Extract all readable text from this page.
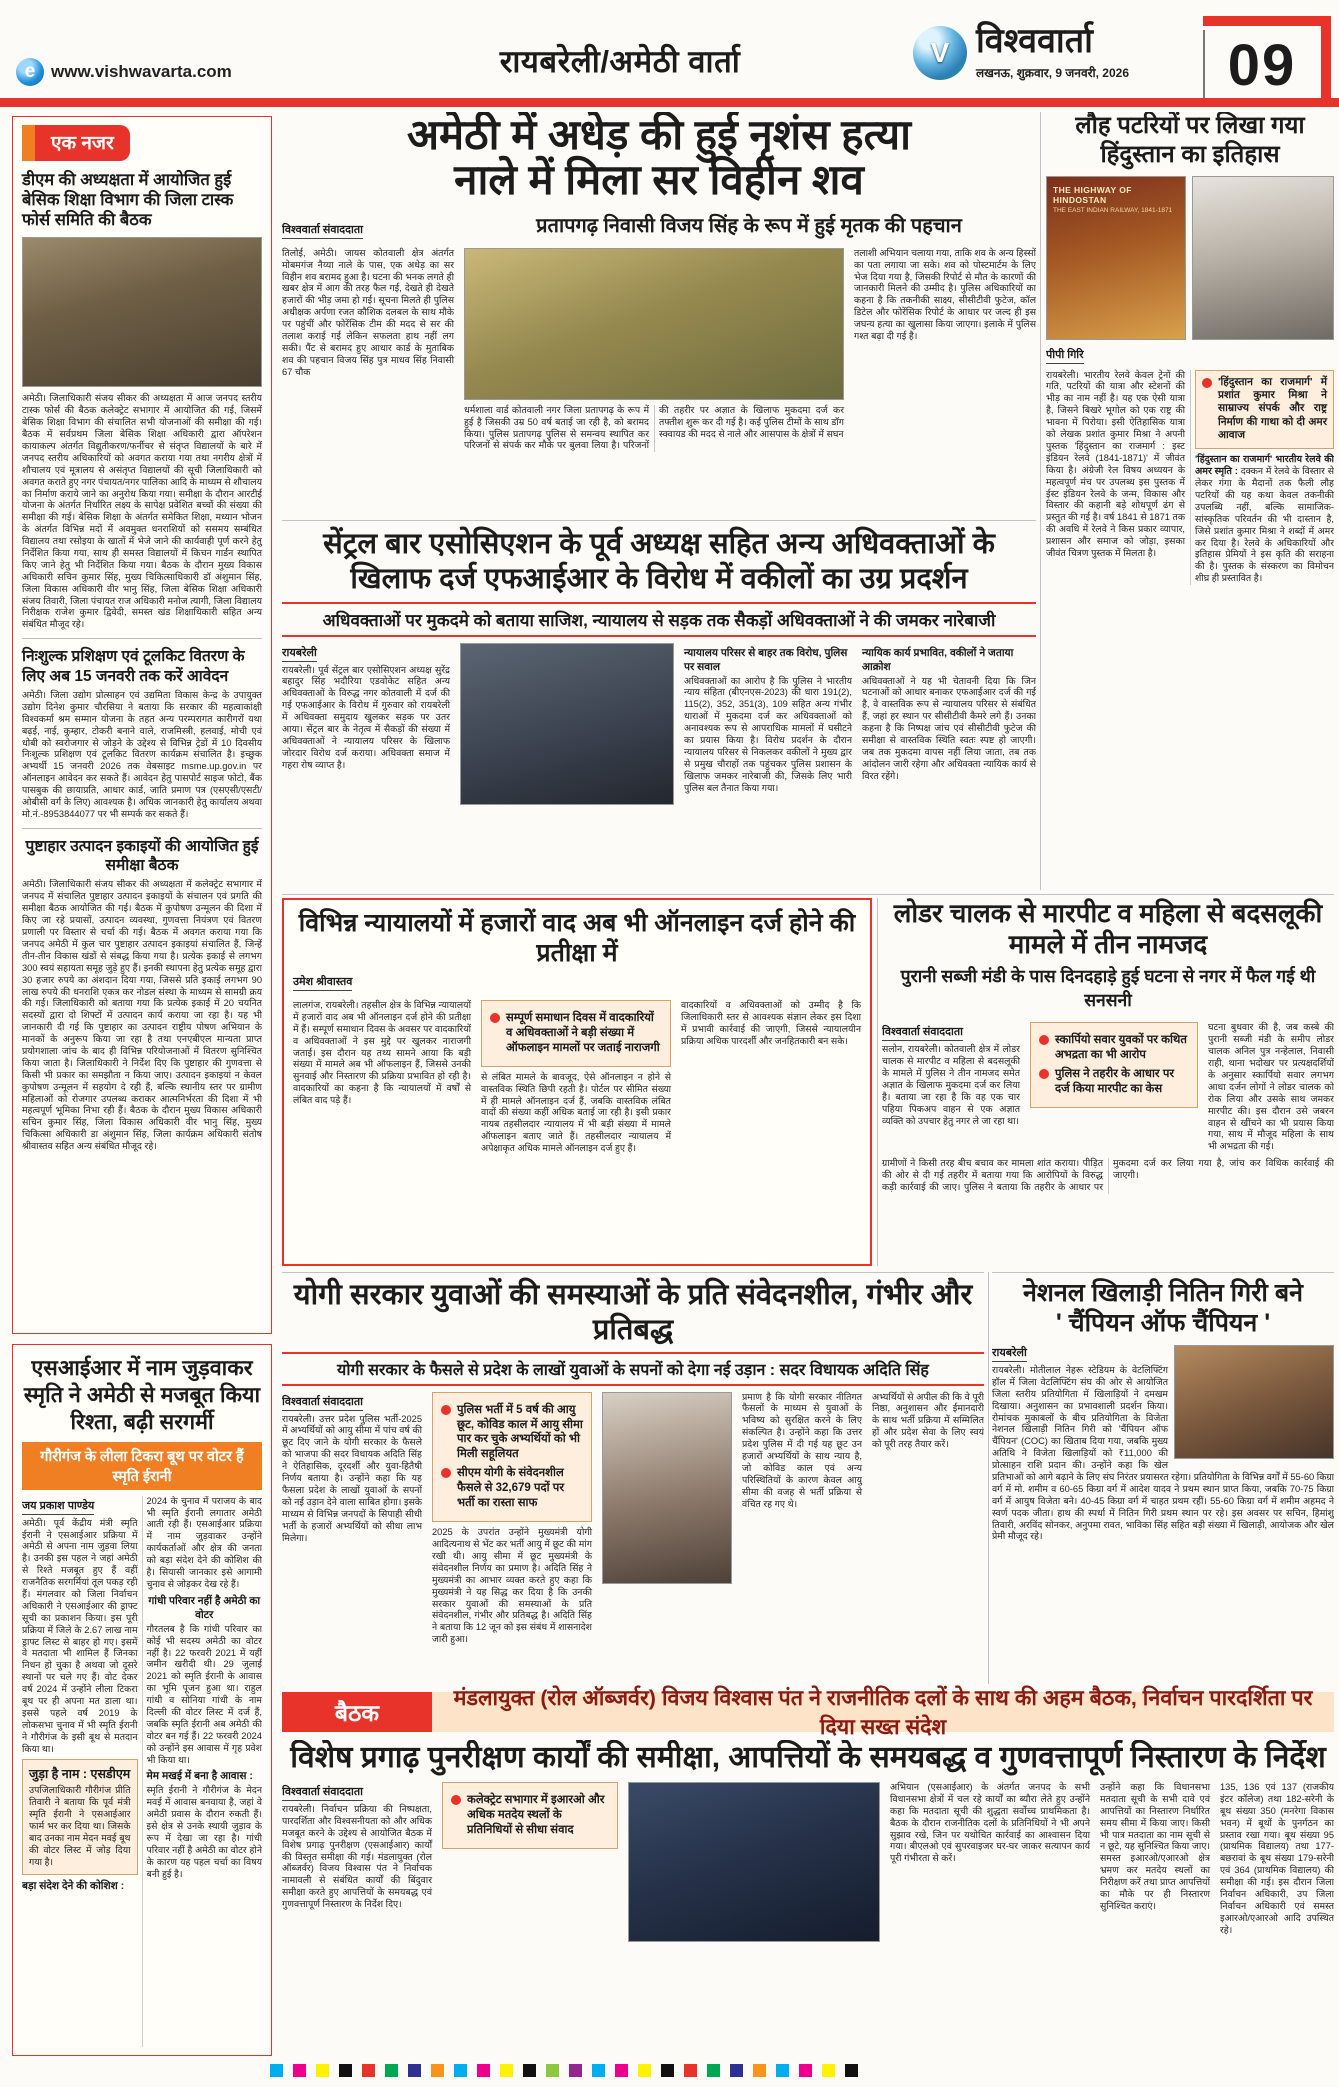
e www.vishwavarta.com	रायबरेली/अमेठी वार्ता	V विश्ववार्ता
लखनऊ, शुक्रवार, 9 जनवरी, 2026 09
एक नजर
डीएम की अध्यक्षता में आयोजित हुई बेसिक शिक्षा विभाग की जिला टास्क फोर्स समिति की बैठक
अमेठी। जिलाधिकारी संजय सीकर की अध्यक्षता में आज जनपद स्तरीय टास्क फोर्स की बैठक कलेक्ट्रेट सभागार में आयोजित की गई, जिसमें बेसिक शिक्षा विभाग की संचालित सभी योजनाओं की समीक्षा की गई। बैठक में सर्वप्रथम जिला बेसिक शिक्षा अधिकारी द्वारा ऑपरेशन कायाकल्प अंतर्गत विद्युतीकरण/फर्नीचर से संतृप्त विद्यालयों के बारे में जनपद स्तरीय अधिकारियों को अवगत कराया गया तथा नगरीय क्षेत्रों में शौचालय एवं मूत्रालय से असंतृप्त विद्यालयों की सूची जिलाधिकारी को अवगत कराते हुए नगर पंचायत/नगर पालिका आदि के माध्यम से शौचालय का निर्माण कराये जाने का अनुरोध किया गया। समीक्षा के दौरान आरटीई योजना के अंतर्गत निर्धारित लक्ष्य के सापेक्ष प्रवेशित बच्चों की संख्या की समीक्षा की गई। बेसिक शिक्षा के अंतर्गत समेकित शिक्षा, मध्यान भोजन के अंतर्गत विभिन्न मदों में अवमुक्त धनराशियों को ससमय सम्बंधित विद्यालय तथा रसोइया के खातों में भेजे जाने की कार्यवाही पूर्ण करने हेतु निर्देशित किया गया, साथ ही समस्त विद्यालयों में किचन गार्डन स्थापित किए जाने हेतु भी निर्देशित किया गया। बैठक के दौरान मुख्य विकास अधिकारी सचिन कुमार सिंह, मुख्य चिकित्साधिकारी डॉ अंशुमान सिंह, जिला विकास अधिकारी वीर भानु सिंह, जिला बेसिक शिक्षा अधिकारी संजय तिवारी, जिला पंचायत राज अधिकारी मनोज त्यागी, जिला विद्यालय निरीक्षक राजेश कुमार द्विवेदी, समस्त खंड शिक्षाधिकारी सहित अन्य संबंधित मौजूद रहे।
निःशुल्क प्रशिक्षण एवं टूलकिट वितरण के लिए अब 15 जनवरी तक करें आवेदन
अमेठी। जिला उद्योग प्रोत्साहन एवं उद्यमिता विकास केन्द्र के उपायुक्त उद्योग दिनेश कुमार चौरसिया ने बताया कि सरकार की महत्वाकांक्षी विश्वकर्मा श्रम सम्मान योजना के तहत अन्य परम्परागत कारीगरों यथा बढ़ई, नाई, कुम्हार, टोकरी बनाने वाले, राजमिस्त्री, हलवाई, मोची एवं धोबी को स्वरोजगार से जोड़ने के उद्देश्य से विभिन्न ट्रेडों में 10 दिवसीय निःशुल्क प्रशिक्षण एवं टूलकिट वितरण कार्यक्रम संचालित है। इच्छुक अभ्यर्थी 15 जनवरी 2026 तक वेबसाइट msme.up.gov.in पर ऑनलाइन आवेदन कर सकते हैं। आवेदन हेतु पासपोर्ट साइज फोटो, बैंक पासबुक की छायाप्रति, आधार कार्ड, जाति प्रमाण पत्र (एसएसी/एसटी/ओबीसी वर्ग के लिए) आवश्यक है। अधिक जानकारी हेतु कार्यालय अथवा मो.नं.-8953844077 पर भी सम्पर्क कर सकते हैं।
पुष्टाहार उत्पादन इकाइयों की आयोजित हुई समीक्षा बैठक
अमेठी। जिलाधिकारी संजय सीकर की अध्यक्षता में कलेक्ट्रेट सभागार में जनपद में संचालित पुष्टाहार उत्पादन इकाइयों के संचालन एवं प्रगति की समीक्षा बैठक आयोजित की गई। बैठक में कुपोषण उन्मूलन की दिशा में किए जा रहे प्रयासों, उत्पादन व्यवस्था, गुणवत्ता नियंत्रण एवं वितरण प्रणाली पर विस्तार से चर्चा की गई। बैठक में अवगत कराया गया कि जनपद अमेठी में कुल चार पुष्टाहार उत्पादन इकाइयां संचालित हैं, जिन्हें तीन-तीन विकास खंडों से संबद्ध किया गया है। प्रत्येक इकाई से लगभग 300 स्वयं सहायता समूह जुड़े हुए हैं। इनकी स्थापना हेतु प्रत्येक समूह द्वारा 30 हजार रुपये का अंशदान दिया गया, जिससे प्रति इकाई लगभग 90 लाख रुपये की धनराशि एकत्र कर नोडल संस्था के माध्यम से सामग्री क्रय की गई। जिलाधिकारी को बताया गया कि प्रत्येक इकाई में 20 चयनित सदस्यों द्वारा दो शिफ्टों में उत्पादन कार्य कराया जा रहा है। यह भी जानकारी दी गई कि पुष्टाहार का उत्पादन राष्ट्रीय पोषण अभियान के मानकों के अनुरूप किया जा रहा है तथा एनएबीएल मान्यता प्राप्त प्रयोगशाला जांच के बाद ही विभिन्न परियोजनाओं में वितरण सुनिश्चित किया जाता है। जिलाधिकारी ने निर्देश दिए कि पुष्टाहार की गुणवत्ता से किसी भी प्रकार का समझौता न किया जाए। उत्पादन इकाइयां न केवल कुपोषण उन्मूलन में सहयोग दे रही हैं, बल्कि स्थानीय स्तर पर ग्रामीण महिलाओं को रोजगार उपलब्ध कराकर आत्मनिर्भरता की दिशा में भी महत्वपूर्ण भूमिका निभा रही हैं। बैठक के दौरान मुख्य विकास अधिकारी सचिन कुमार सिंह, जिला विकास अधिकारी वीर भानु सिंह, मुख्य चिकित्सा अधिकारी डा अंशुमान सिंह, जिला कार्यक्रम अधिकारी संतोष श्रीवास्तव सहित अन्य संबंधित मौजूद रहे।
एसआईआर में नाम जुड़वाकर स्मृति ने अमेठी से मजबूत किया रिश्ता, बढ़ी सरगर्मी
गौरीगंज के लीला टिकरा बूथ पर वोटर हैं स्मृति ईरानी
जय प्रकाश पाण्डेय
अमेठी। पूर्व केंद्रीय मंत्री स्मृति ईरानी ने एसआईआर प्रक्रिया में अमेठी से अपना नाम जुड़वा लिया है। उनकी इस पहल ने जहां अमेठी से रिश्ते मजबूत हुए हैं वहीं राजनैतिक सरगर्मियां तूल पकड़ रही हैं। मंगलवार को जिला निर्वाचन अधिकारी ने एसआईआर की ड्राफ्ट सूची का प्रकाशन किया। इस पूरी प्रक्रिया में जिले के 2.67 लाख नाम ड्राफ्ट लिस्ट से बाहर हो गए। इसमें वे मतदाता भी शामिल हैं जिनका निधन हो चुका है अथवा जो दूसरे स्थानों पर चले गए हैं। वोट देकर वर्ष 2024 में उन्होंने लीला टिकरा बूथ पर ही अपना मत डाला था। इससे पहले वर्ष 2019 के लोकसभा चुनाव में भी स्मृति ईरानी ने गौरीगंज के इसी बूथ से मतदान किया था।
जुड़ा है नाम : एसडीएम
उपजिलाधिकारी गौरीगंज प्रीति तिवारी ने बताया कि पूर्व मंत्री स्मृति ईरानी ने एसआईआर फार्म भर कर दिया था। जिसके बाद उनका नाम मेदन मवई बूथ की वोटर लिस्ट में जोड़ दिया गया है।
बड़ा संदेश देने की कोशिश :
2024 के चुनाव में पराजय के बाद भी स्मृति ईरानी लगातार अमेठी आती रही हैं। एसआईआर प्रक्रिया में नाम जुड़वाकर उन्होंने कार्यकर्ताओं और क्षेत्र की जनता को बड़ा संदेश देने की कोशिश की है। सियासी जानकार इसे आगामी चुनाव से जोड़कर देख रहे हैं।
गांधी परिवार नहीं है अमेठी का वोटर
गौरतलब है कि गांधी परिवार का कोई भी सदस्य अमेठी का वोटर नहीं है। 22 फरवरी 2021 में यहीं जमीन खरीदी थी। 29 जुलाई 2021 को स्मृति ईरानी के आवास का भूमि पूजन हुआ था। राहुल गांधी व सोनिया गांधी के नाम दिल्ली की वोटर लिस्ट में दर्ज हैं, जबकि स्मृति ईरानी अब अमेठी की वोटर बन गई हैं। 22 फरवरी 2024 को उन्होंने इस आवास में गृह प्रवेश भी किया था।
मेम मखई में बना है आवास :
स्मृति ईरानी ने गौरीगंज के मेदन मवई में आवास बनवाया है, जहां वे अमेठी प्रवास के दौरान रुकती हैं। इसे क्षेत्र से उनके स्थायी जुड़ाव के रूप में देखा जा रहा है। गांधी परिवार नहीं है अमेठी का वोटर होने के कारण यह पहल चर्चा का विषय बनी हुई है।
अमेठी में अधेड़ की हुई नृशंस हत्या
नाले में मिला सर विहीन शव
विश्ववार्ता संवाददाता	प्रतापगढ़ निवासी विजय सिंह के रूप में हुई मृतक की पहचान
तिलोई, अमेठी। जायस कोतवाली क्षेत्र अंतर्गत मोबमगंज नैय्या नाले के पास, एक अधेड़ का सर विहीन शव बरामद हुआ है। घटना की भनक लगते ही खबर क्षेत्र में आग की तरह फैल गई, देखते ही देखते हजारों की भीड़ जमा हो गई। सूचना मिलते ही पुलिस अधीक्षक अर्पणा रजत कौशिक दलबल के साथ मौके पर पहुंचीं और फोरेंसिक टीम की मदद से सर की तलाश कराई गई लेकिन सफलता हाथ नहीं लग सकी। पैंट से बरामद हुए आधार कार्ड के मुताबिक शव की पहचान विजय सिंह पुत्र माधव सिंह निवासी 67 चौक
धर्मशाला वार्ड कोतवाली नगर जिला प्रतापगढ़ के रूप में हुई है जिसकी उम्र 50 वर्ष बताई जा रही है, को बरामद किया। पुलिस प्रतापगढ़ पुलिस से समन्वय स्थापित कर परिजनों से संपर्क कर मौके पर बुलवा लिया है। परिजनों की तहरीर पर अज्ञात के खिलाफ मुकदमा दर्ज कर तफ्तीश शुरू कर दी गई है। कई पुलिस टीमों के साथ डॉग स्क्वायड की मदद से नाले और आसपास के क्षेत्रों में सघन
तलाशी अभियान चलाया गया, ताकि शव के अन्य हिस्सों का पता लगाया जा सके। शव को पोस्टमार्टम के लिए भेज दिया गया है, जिसकी रिपोर्ट से मौत के कारणों की जानकारी मिलने की उम्मीद है। पुलिस अधिकारियों का कहना है कि तकनीकी साक्ष्य, सीसीटीवी फुटेज, कॉल डिटेल और फोरेंसिक रिपोर्ट के आधार पर जल्द ही इस जघन्य हत्या का खुलासा किया जाएगा। इलाके में पुलिस गश्त बढ़ा दी गई है।
सेंट्रल बार एसोसिएशन के पूर्व अध्यक्ष सहित अन्य अधिवक्ताओं के खिलाफ दर्ज एफआईआर के विरोध में वकीलों का उग्र प्रदर्शन
अधिवक्ताओं पर मुकदमे को बताया साजिश, न्यायालय से सड़क तक सैकड़ों अधिवक्ताओं ने की जमकर नारेबाजी
रायबरेली
रायबरेली। पूर्व सेंट्रल बार एसोसिएशन अध्यक्ष सुरेंद्र बहादुर सिंह भदौरिया एडवोकेट सहित अन्य अधिवक्ताओं के विरुद्ध नगर कोतवाली में दर्ज की गई एफआईआर के विरोध में गुरुवार को रायबरेली में अधिवक्ता समुदाय खुलकर सड़क पर उतर आया। सेंट्रल बार के नेतृत्व में सैकड़ों की संख्या में अधिवक्ताओं ने न्यायालय परिसर के खिलाफ जोरदार विरोध दर्ज कराया। अधिवक्ता समाज में गहरा रोष व्याप्त है।
न्यायालय परिसर से बाहर तक विरोध, पुलिस पर सवाल
अधिवक्ताओं का आरोप है कि पुलिस ने भारतीय न्याय संहिता (बीएनएस-2023) की धारा 191(2), 115(2), 352, 351(3), 109 सहित अन्य गंभीर धाराओं में मुकदमा दर्ज कर अधिवक्ताओं को अनावश्यक रूप से आपराधिक मामलों में घसीटने का प्रयास किया है। विरोध प्रदर्शन के दौरान न्यायालय परिसर से निकलकर वकीलों ने मुख्य द्वार से प्रमुख चौराहों तक पहुंचकर पुलिस प्रशासन के खिलाफ जमकर नारेबाजी की, जिसके लिए भारी पुलिस बल तैनात किया गया।
न्यायिक कार्य प्रभावित, वकीलों ने जताया आक्रोश
अधिवक्ताओं ने यह भी चेतावनी दिया कि जिन घटनाओं को आधार बनाकर एफआईआर दर्ज की गई है, वे वास्तविक रूप से न्यायालय परिसर से संबंधित हैं, जहां हर स्थान पर सीसीटीवी कैमरे लगे हैं। उनका कहना है कि निष्पक्ष जांच एवं सीसीटीवी फुटेज की समीक्षा से वास्तविक स्थिति स्वतः स्पष्ट हो जाएगी। जब तक मुकदमा वापस नहीं लिया जाता, तब तक आंदोलन जारी रहेगा और अधिवक्ता न्यायिक कार्य से विरत रहेंगे।
विभिन्न न्यायालयों में हजारों वाद अब भी ऑनलाइन दर्ज होने की प्रतीक्षा में
उमेश श्रीवास्तव
लालगंज, रायबरेली। तहसील क्षेत्र के विभिन्न न्यायालयों में हजारों वाद अब भी ऑनलाइन दर्ज होने की प्रतीक्षा में हैं। सम्पूर्ण समाधान दिवस के अवसर पर वादकारियों व अधिवक्ताओं ने इस मुद्दे पर खुलकर नाराजगी जताई। इस दौरान यह तथ्य सामने आया कि बड़ी संख्या में मामले अब भी ऑफलाइन हैं, जिससे उनकी सुनवाई और निस्तारण की प्रक्रिया प्रभावित हो रही है। वादकारियों का कहना है कि न्यायालयों में वर्षों से लंबित वाद पड़े हैं।
सम्पूर्ण समाधान दिवस में वादकारियों व अधिवक्ताओं ने बड़ी संख्या में ऑफलाइन मामलों पर जताई नाराजगी
से लंबित मामले के बावजूद, ऐसे ऑनलाइन न होने से वास्तविक स्थिति छिपी रहती है। पोर्टल पर सीमित संख्या में ही मामले ऑनलाइन दर्ज हैं, जबकि वास्तविक लंबित वादों की संख्या कहीं अधिक बताई जा रही है। इसी प्रकार नायब तहसीलदार न्यायालय में भी बड़ी संख्या में मामले ऑफलाइन बताए जाते हैं। तहसीलदार न्यायालय में अपेक्षाकृत अधिक मामले ऑनलाइन दर्ज हुए हैं।
वादकारियों व अधिवक्ताओं को उम्मीद है कि जिलाधिकारी स्तर से आवश्यक संज्ञान लेकर इस दिशा में प्रभावी कार्रवाई की जाएगी, जिससे न्यायालयीन प्रक्रिया अधिक पारदर्शी और जनहितकारी बन सके।
लोडर चालक से मारपीट व महिला से बदसलूकी मामले में तीन नामजद
पुरानी सब्जी मंडी के पास दिनदहाड़े हुई घटना से नगर में फैल गई थी सनसनी
विश्ववार्ता संवाददाता
सलोन, रायबरेली। कोतवाली क्षेत्र में लोडर चालक से मारपीट व महिला से बदसलूकी के मामले में पुलिस ने तीन नामजद समेत अज्ञात के खिलाफ मुकदमा दर्ज कर लिया है। बताया जा रहा है कि वह एक चार पहिया पिकअप वाहन से एक अज्ञात व्यक्ति को उपचार हेतु नगर ले जा रहा था।
स्कार्पियो सवार युवकों पर कथित अभद्रता का भी आरोप
पुलिस ने तहरीर के आधार पर दर्ज किया मारपीट का केस
घटना बुधवार की है, जब कस्बे की पुरानी सब्जी मंडी के समीप लोडर चालक अनिल पुत्र नन्हेलाल, निवासी राही, थाना भदोखर पर प्रत्यक्षदर्शियों के अनुसार स्कार्पियो सवार लगभग आधा दर्जन लोगों ने लोडर चालक को रोक लिया और उसके साथ जमकर मारपीट की। इस दौरान उसे जबरन वाहन से खींचने का भी प्रयास किया गया, साथ में मौजूद महिला के साथ भी अभद्रता की गई।
ग्रामीणों ने किसी तरह बीच बचाव कर मामला शांत कराया। पीड़ित की ओर से दी गई तहरीर में बताया गया कि आरोपियों के विरुद्ध कड़ी कार्रवाई की जाए। पुलिस ने बताया कि तहरीर के आधार पर मुकदमा दर्ज कर लिया गया है, जांच कर विधिक कार्रवाई की जाएगी।
योगी सरकार युवाओं की समस्याओं के प्रति संवेदनशील, गंभीर और प्रतिबद्ध
योगी सरकार के फैसले से प्रदेश के लाखों युवाओं के सपनों को देगा नई उड़ान : सदर विधायक अदिति सिंह
विश्ववार्ता संवाददाता
रायबरेली। उत्तर प्रदेश पुलिस भर्ती-2025 में अभ्यर्थियों को आयु सीमा में पांच वर्ष की छूट दिए जाने के योगी सरकार के फैसले को भाजपा की सदर विधायक अदिति सिंह ने ऐतिहासिक, दूरदर्शी और युवा-हितैषी निर्णय बताया है। उन्होंने कहा कि यह फैसला प्रदेश के लाखों युवाओं के सपनों को नई उड़ान देने वाला साबित होगा। इसके माध्यम से विभिन्न जनपदों के सिपाही सीधी भर्ती के हजारों अभ्यर्थियों को सीधा लाभ मिलेगा।
पुलिस भर्ती में 5 वर्ष की आयु छूट, कोविड काल में आयु सीमा पार कर चुके अभ्यर्थियों को भी मिली सहूलियत
सीएम योगी के संवेदनशील फैसले से 32,679 पदों पर भर्ती का रास्ता साफ
2025 के उपरांत उन्होंने मुख्यमंत्री योगी आदित्यनाथ से भेंट कर भर्ती आयु में छूट की मांग रखी थी। आयु सीमा में छूट मुख्यमंत्री के संवेदनशील निर्णय का प्रमाण है। अदिति सिंह ने मुख्यमंत्री का आभार व्यक्त करते हुए कहा कि मुख्यमंत्री ने यह सिद्ध कर दिया है कि उनकी सरकार युवाओं की समस्याओं के प्रति संवेदनशील, गंभीर और प्रतिबद्ध है। अदिति सिंह ने बताया कि 12 जून को इस संबंध में शासनादेश जारी हुआ।
प्रमाण है कि योगी सरकार नीतिगत फैसलों के माध्यम से युवाओं के भविष्य को सुरक्षित करने के लिए संकल्पित है। उन्होंने कहा कि उत्तर प्रदेश पुलिस में दी गई यह छूट उन हजारों अभ्यर्थियों के साथ न्याय है, जो कोविड काल एवं अन्य परिस्थितियों के कारण केवल आयु सीमा की वजह से भर्ती प्रक्रिया से वंचित रह गए थे।
अभ्यर्थियों से अपील की कि वे पूरी निष्ठा, अनुशासन और ईमानदारी के साथ भर्ती प्रक्रिया में सम्मिलित हों और प्रदेश सेवा के लिए स्वयं को पूरी तरह तैयार करें।
नेशनल खिलाड़ी नितिन गिरी बने
' चैंपियन ऑफ चैंपियन '
रायबरेली
रायबरेली। मोतीलाल नेहरू स्टेडियम के वेटलिफ्टिंग हॉल में जिला वेटलिफ्टिंग संघ की ओर से आयोजित जिला स्तरीय प्रतियोगिता में खिलाड़ियों ने दमखम दिखाया। अनुशासन का प्रभावशाली प्रदर्शन किया। रोमांचक मुकाबलों के बीच प्रतियोगिता के विजेता नेशनल खिलाड़ी नितिन गिरी को 'चैंपियन ऑफ चैंपियन' (COC) का खिताब दिया गया, जबकि मुख्य अतिथि ने विजेता खिलाड़ियों को ₹11,000 की प्रोत्साहन राशि प्रदान की। उन्होंने कहा कि खेल प्रतिभाओं को आगे बढ़ाने के लिए संघ निरंतर प्रयासरत रहेगा। प्रतियोगिता के विभिन्न वर्गों में 55-60 किग्रा वर्ग में मो. शमीम व 60-65 किग्रा वर्ग में आदेश यादव ने प्रथम स्थान प्राप्त किया, जबकि 70-75 किग्रा वर्ग में आयुष विजेता बने। 40-45 किग्रा वर्ग में चाहत प्रथम रहीं। 55-60 किग्रा वर्ग में शमीम अहमद ने स्वर्ण पदक जीता। हाथ की स्पर्धा में नितिन गिरी प्रथम स्थान पर रहे। इस अवसर पर सचिन, हिमांशु तिवारी, अरविंद सोनकर, अनुपमा रावत, भाविका सिंह सहित बड़ी संख्या में खिलाड़ी, आयोजक और खेल प्रेमी मौजूद रहे।
लौह पटरियों पर लिखा गया
हिंदुस्तान का इतिहास
THE HIGHWAY OF HINDOSTAN
THE EAST INDIAN RAILWAY, 1841-1871
पीपी गिरि
रायबरेली। भारतीय रेलवे केवल ट्रेनों की गति, पटरियों की यात्रा और स्टेशनों की भीड़ का नाम नहीं है। यह एक ऐसी यात्रा है, जिसने बिखरे भूगोल को एक राष्ट्र की भावना में पिरोया। इसी ऐतिहासिक यात्रा को लेखक प्रशांत कुमार मिश्रा ने अपनी पुस्तक 'हिंदुस्तान का राजमार्ग : इस्ट इंडियन रेलवे (1841-1871)' में जीवंत किया है। अंग्रेजी रेल विषय अध्ययन के महत्वपूर्ण मंच पर उपलब्ध इस पुस्तक में ईस्ट इंडियन रेलवे के जन्म, विकास और विस्तार की कहानी बड़े शोधपूर्ण ढंग से प्रस्तुत की गई है। वर्ष 1841 से 1871 तक की अवधि में रेलवे ने किस प्रकार व्यापार, प्रशासन और समाज को जोड़ा, इसका जीवंत चित्रण पुस्तक में मिलता है।
'हिंदुस्तान का राजमार्ग' में प्रशांत कुमार मिश्रा ने साम्राज्य संपर्क और राष्ट्र निर्माण की गाथा को दी अमर आवाज
'हिंदुस्तान का राजमार्ग' भारतीय रेलवे की अमर स्मृति : दक्कन में रेलवे के विस्तार से लेकर गंगा के मैदानों तक फैली लौह पटरियों की यह कथा केवल तकनीकी उपलब्धि नहीं, बल्कि सामाजिक-सांस्कृतिक परिवर्तन की भी दास्तान है, जिसे प्रशांत कुमार मिश्रा ने शब्दों में अमर कर दिया है। रेलवे के अधिकारियों और इतिहास प्रेमियों ने इस कृति की सराहना की है। पुस्तक के संस्करण का विमोचन शीघ्र ही प्रस्तावित है।
बैठक
मंडलायुक्त (रोल ऑब्जर्वर) विजय विश्वास पंत ने राजनीतिक दलों के साथ की अहम बैठक, निर्वाचन पारदर्शिता पर दिया सख्त संदेश
विशेष प्रगाढ़ पुनरीक्षण कार्यों की समीक्षा, आपत्तियों के समयबद्ध व गुणवत्तापूर्ण निस्तारण के निर्देश
विश्ववार्ता संवाददाता
रायबरेली। निर्वाचन प्रक्रिया की निष्पक्षता, पारदर्शिता और विश्वसनीयता को और अधिक मजबूत करने के उद्देश्य से आयोजित बैठक में विशेष प्रगाढ़ पुनरीक्षण (एसआईआर) कार्यों की विस्तृत समीक्षा की गई। मंडलायुक्त (रोल ऑब्जर्वर) विजय विश्वास पंत ने निर्वाचक नामावली से संबंधित कार्यों की बिंदुवार समीक्षा करते हुए आपत्तियों के समयबद्ध एवं गुणवत्तापूर्ण निस्तारण के निर्देश दिए।
कलेक्ट्रेट सभागार में इआरओ और अधिक मतदेय स्थलों के प्रतिनिधियों से सीधा संवाद
अभियान (एसआईआर) के अंतर्गत जनपद के सभी विधानसभा क्षेत्रों में चल रहे कार्यों का ब्यौरा लेते हुए उन्होंने कहा कि मतदाता सूची की शुद्धता सर्वोच्च प्राथमिकता है। बैठक के दौरान राजनीतिक दलों के प्रतिनिधियों ने भी अपने सुझाव रखे, जिन पर यथोचित कार्रवाई का आश्वासन दिया गया। बीएलओ एवं सुपरवाइजर घर-घर जाकर सत्यापन कार्य पूरी गंभीरता से करें।
उन्होंने कहा कि विधानसभा मतदाता सूची के सभी दावे एवं आपत्तियों का निस्तारण निर्धारित समय सीमा में किया जाए। किसी भी पात्र मतदाता का नाम सूची से न छूटे, यह सुनिश्चित किया जाए। समस्त इआरओ/एआरओ क्षेत्र भ्रमण कर मतदेय स्थलों का निरीक्षण करें तथा प्राप्त आपत्तियों का मौके पर ही निस्तारण सुनिश्चित कराएं।
135, 136 एवं 137 (राजकीय इंटर कॉलेज) तथा 182-सरेनी के बूथ संख्या 350 (मनरेगा विकास भवन) में बूथों के पुनर्गठन का प्रस्ताव रखा गया। बूथ संख्या 95 (प्राथमिक विद्यालय) तथा 177-बछरावां के बूथ संख्या 179-सरेनी एवं 364 (प्राथमिक विद्यालय) की समीक्षा की गई। इस दौरान जिला निर्वाचन अधिकारी, उप जिला निर्वाचन अधिकारी एवं समस्त इआरओ/एआरओ आदि उपस्थित रहे।
